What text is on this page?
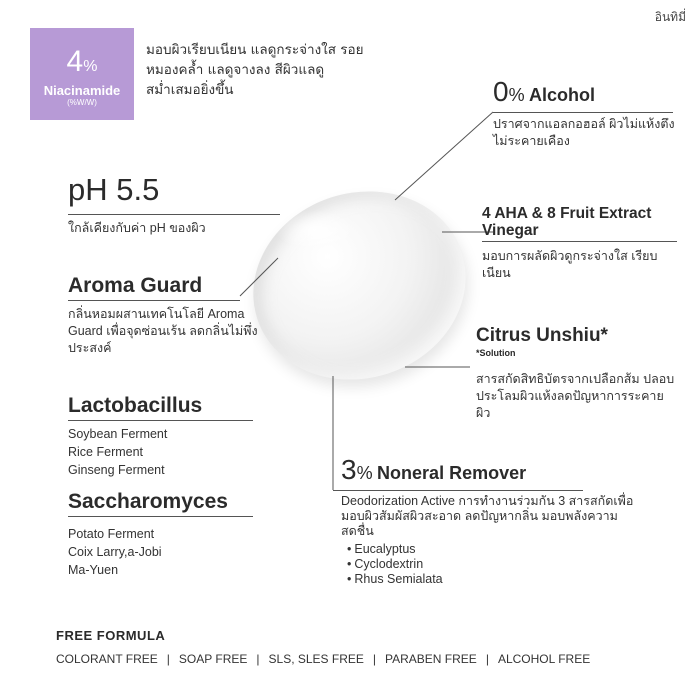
อินทิมี่
4%
Niacinamide
(%W/W)
มอบผิวเรียบเนียน แลดูกระจ่างใส รอยหมองคล้ำ แลดูจางลง สีผิวแลดูสม่ำเสมอยิ่งขึ้น
pH 5.5
ใกล้เคียงกับค่า pH ของผิว
Aroma Guard
กลิ่นหอมผสานเทคโนโลยี Aroma Guard เพื่อจุดซ่อนเร้น ลดกลิ่นไม่พึ่งประสงค์
Lactobacillus
Soybean Ferment
Rice Ferment
Ginseng Ferment
Saccharomyces
Potato Ferment
Coix Larry,a-Jobi
Ma-Yuen
0% Alcohol
ปราศจากแอลกอฮอล์ ผิวไม่แห้งตึง ไม่ระคายเคือง
4 AHA & 8 Fruit Extract Vinegar
มอบการผลัดผิวดูกระจ่างใส เรียบเนียน
Citrus Unshiu*
*Solution
สารสกัดสิทธิบัตรจากเปลือกส้ม ปลอบประโลมผิวแห้งลดปัญหาการระคายผิว
3% Noneral Remover
Deodorization Active การทำงานร่วมกัน 3 สารสกัดเพื่อมอบผิวสัมผัสผิวสะอาด ลดปัญหากลิ่น มอบพลังความสดชื่น
• Eucalyptus
• Cyclodextrin
• Rhus Semialata
FREE FORMULA
COLORANT FREE | SOAP FREE | SLS, SLES FREE | PARABEN FREE | ALCOHOL FREE
